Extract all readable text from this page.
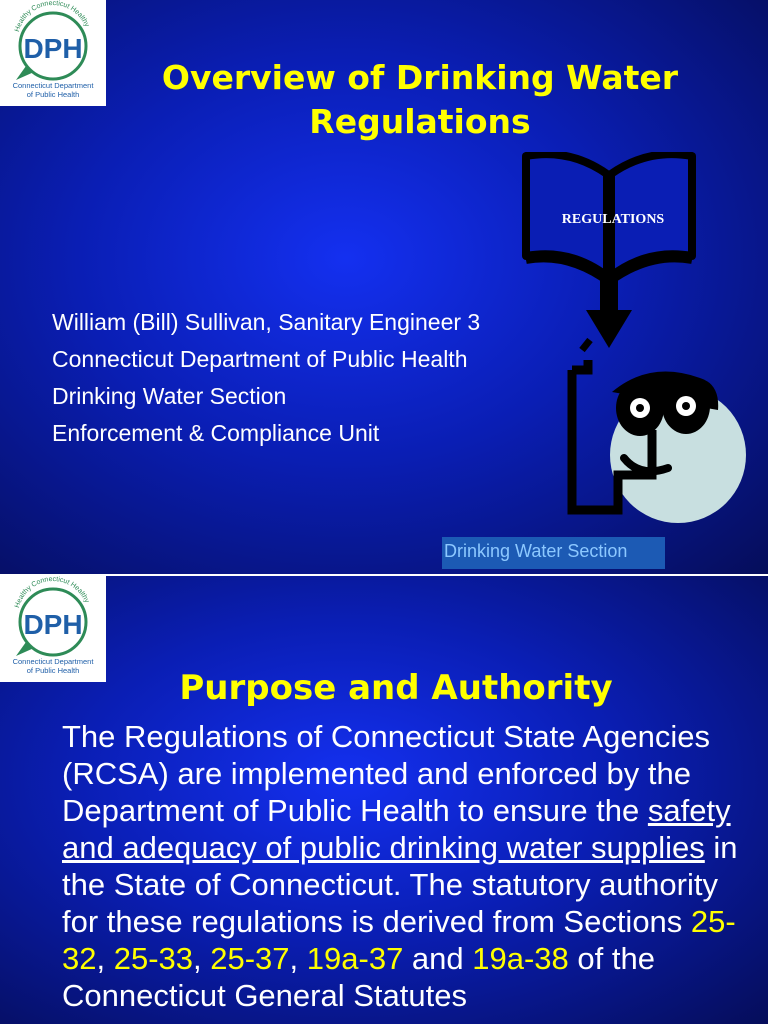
Healthy Connecticut Healthy
DPH
Connecticut Department
of Public Health	Overview of Drinking Water
Regulations
REGULATIONS
William (Bill) Sullivan, Sanitary Engineer 3
Connecticut Department of Public Health
Drinking Water Section
Enforcement & Compliance Unit
Drinking Water Section
Healthy Connecticut Healthy
DPH
Connecticut Department
of Public Health	Purpose and Authority
The Regulations of Connecticut State Agencies (RCSA) are implemented and enforced by the Department of Public Health to ensure the safety and adequacy of public drinking water supplies in the State of Connecticut. The statutory authority for these regulations is derived from Sections 25-32, 25-33, 25-37, 19a-37 and 19a-38 of the Connecticut General Statutes
